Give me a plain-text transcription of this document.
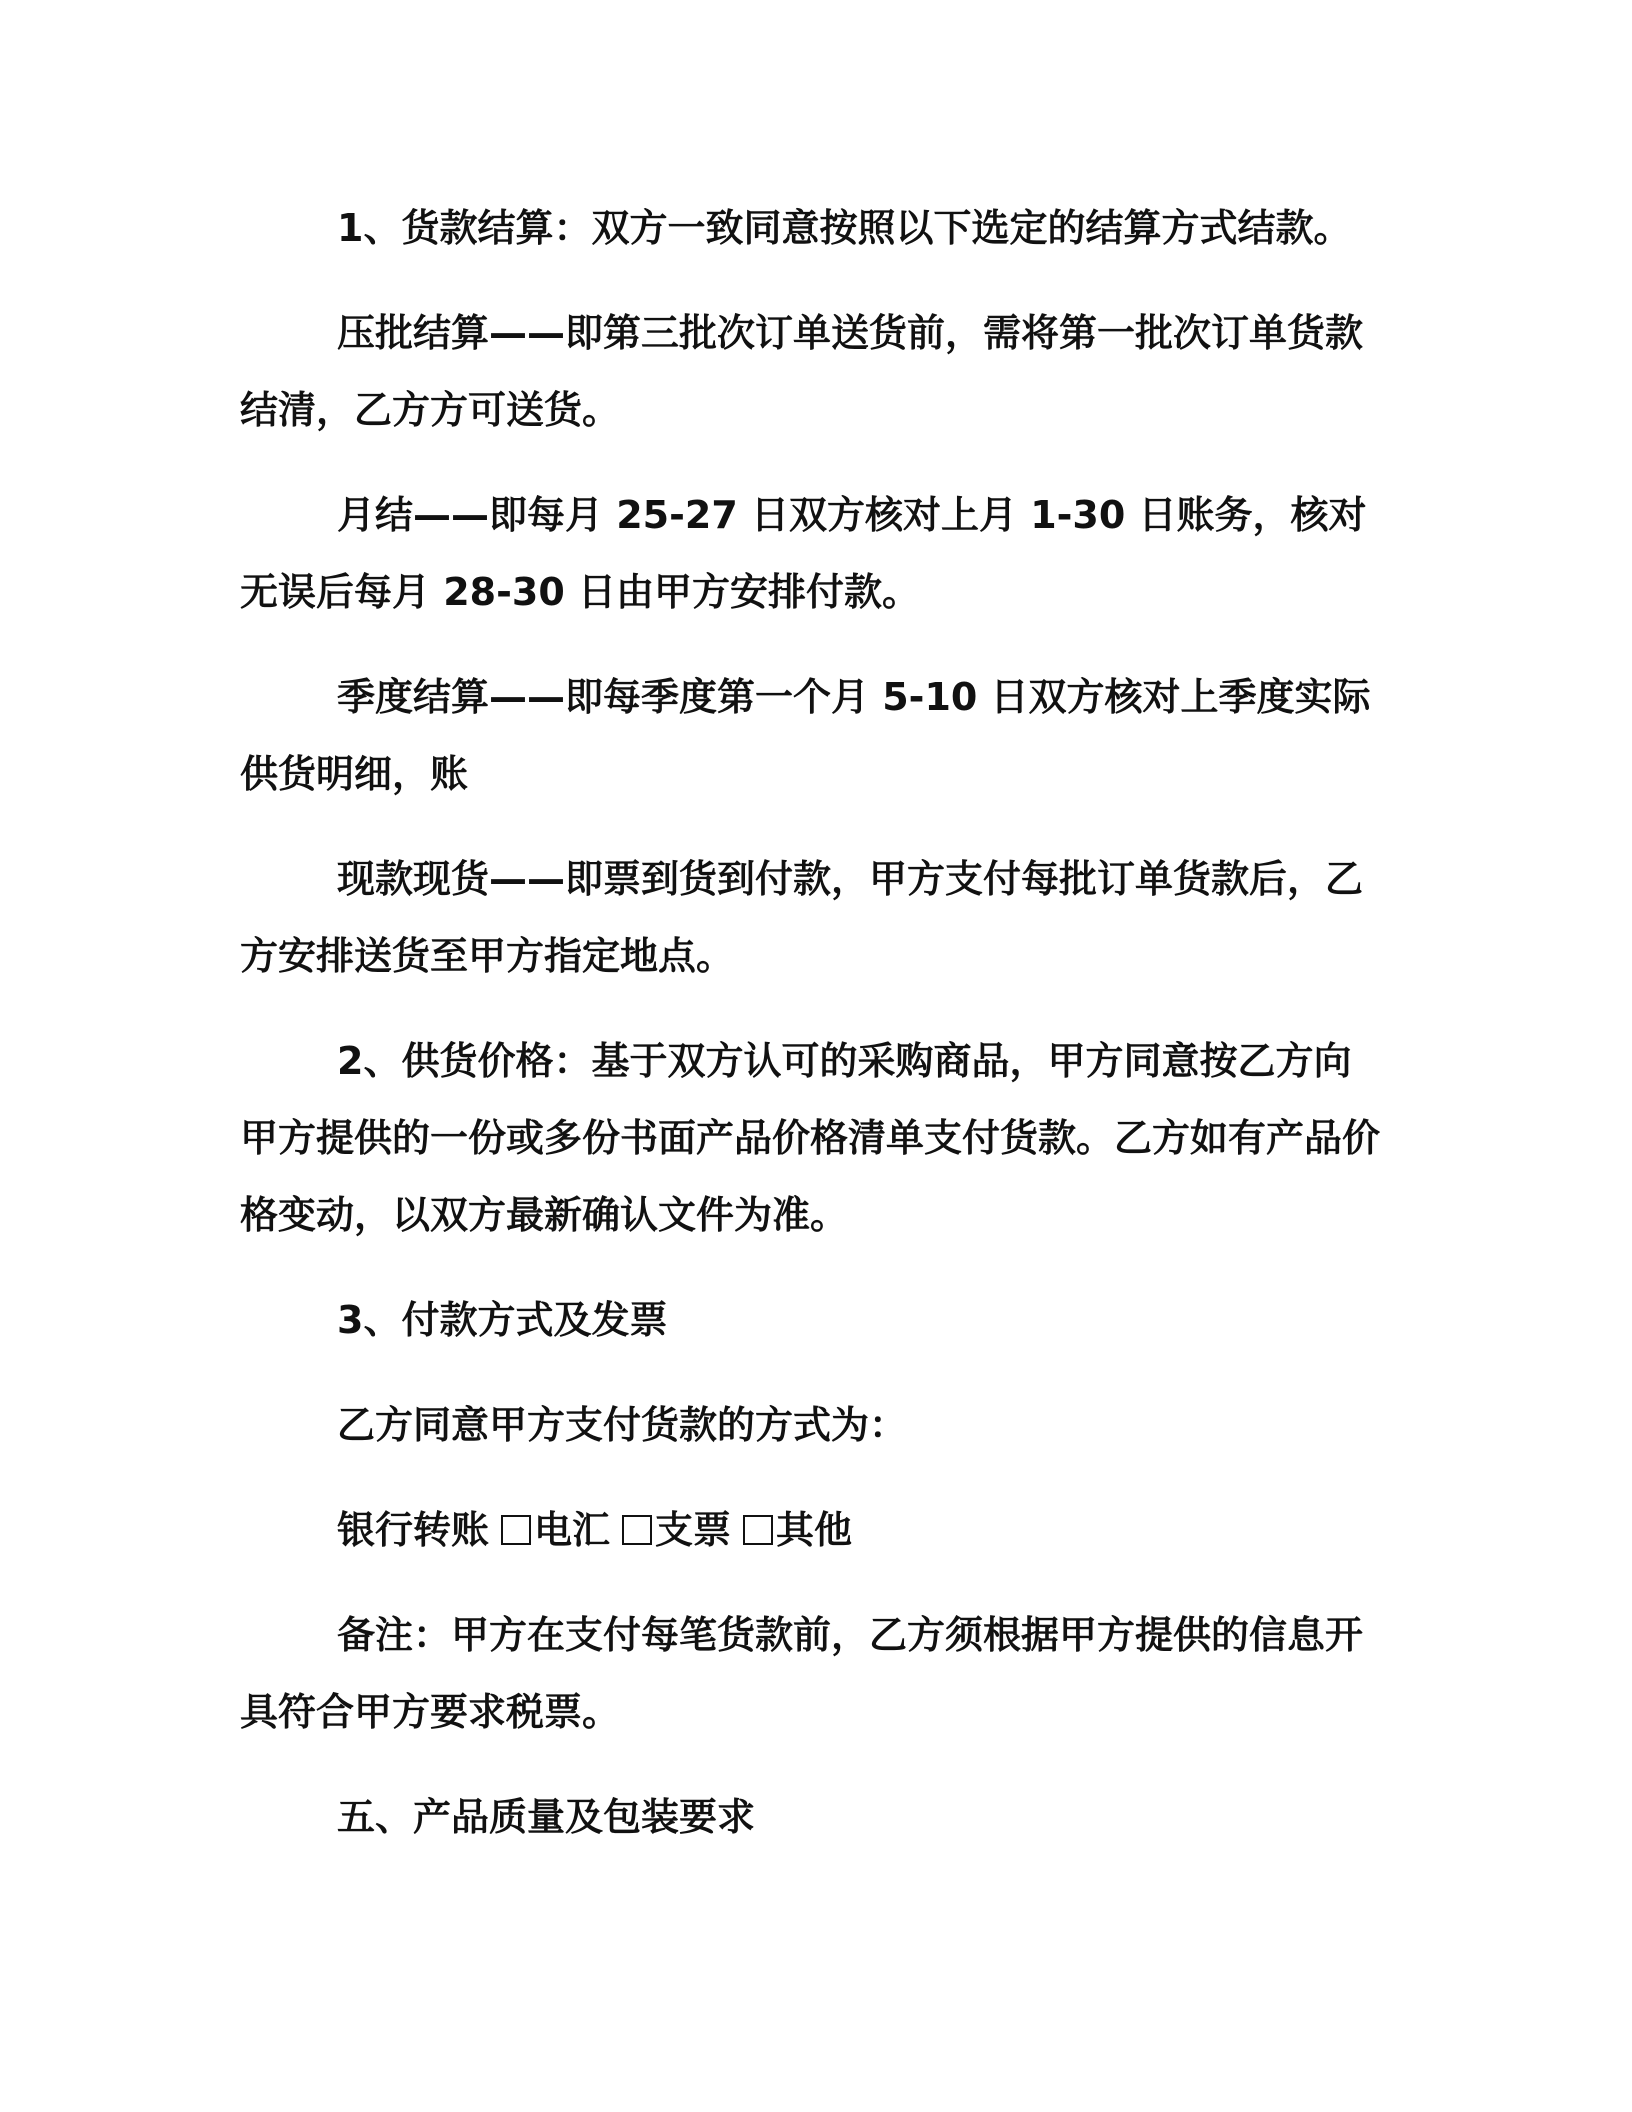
1、货款结算：双方一致同意按照以下选定的结算方式结款。

压批结算——即第三批次订单送货前，需将第一批次订单货款结清，乙方方可送货。

月结——即每月 25-27 日双方核对上月 1-30 日账务，核对无误后每月 28-30 日由甲方安排付款。

季度结算——即每季度第一个月 5-10 日双方核对上季度实际供货明细，账

现款现货——即票到货到付款，甲方支付每批订单货款后，乙方安排送货至甲方指定地点。

2、供货价格：基于双方认可的采购商品，甲方同意按乙方向甲方提供的一份或多份书面产品价格清单支付货款。乙方如有产品价格变动，以双方最新确认文件为准。

3、付款方式及发票

乙方同意甲方支付货款的方式为：

银行转账 电汇 支票 其他

备注：甲方在支付每笔货款前，乙方须根据甲方提供的信息开具符合甲方要求税票。

五、产品质量及包装要求
